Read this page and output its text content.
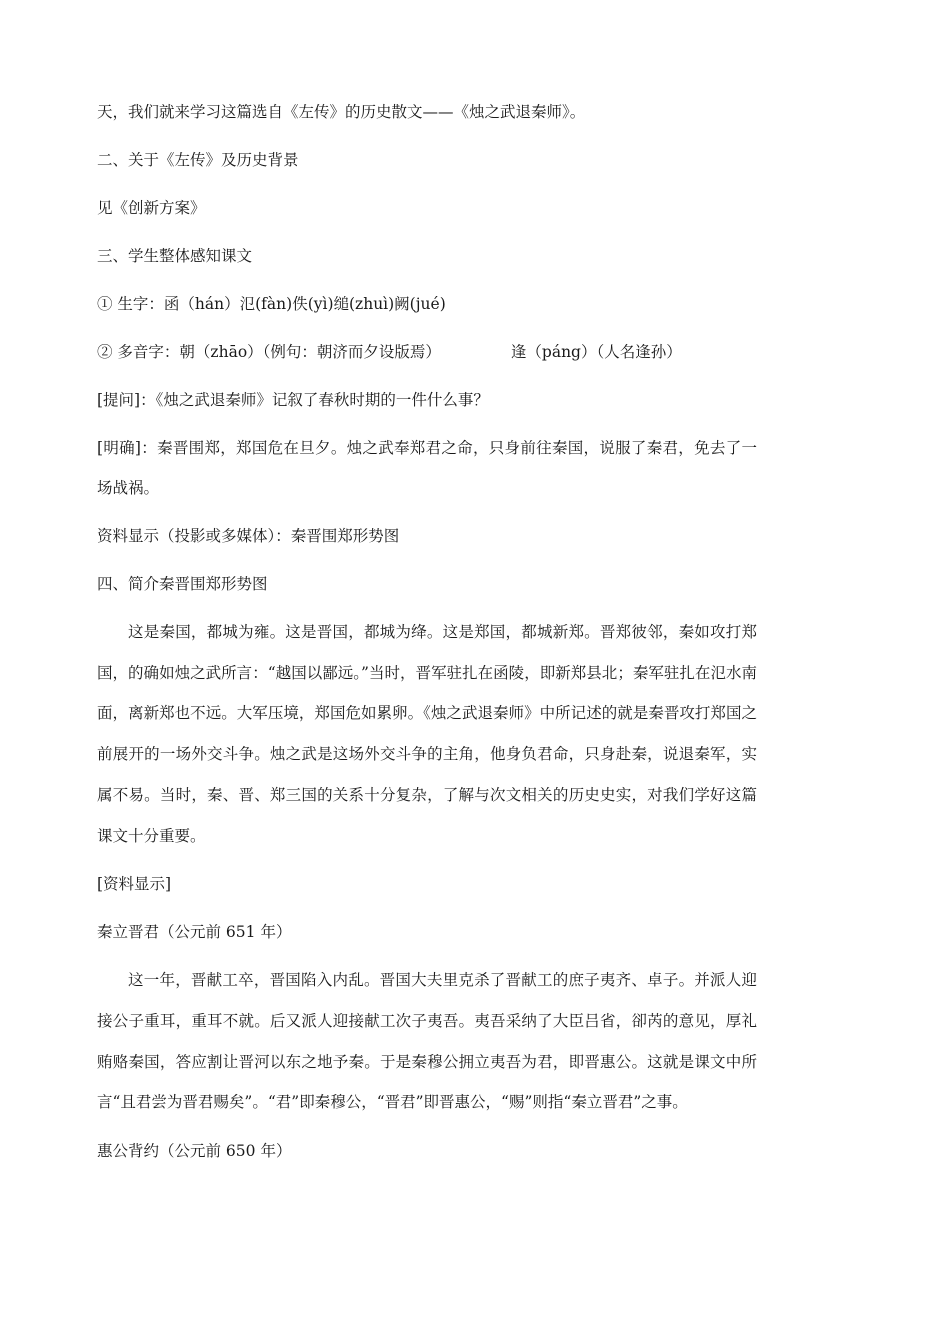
天，我们就来学习这篇选自《左传》的历史散文——《烛之武退秦师》。
二、关于《左传》及历史背景
见《创新方案》
三、学生整体感知课文
① 生字：函（hán）氾(fàn)佚(yì)缒(zhuì)阙(jué)
② 多音字：朝（zhāo）（例句：朝济而夕设版焉）	逢（páng）（人名逢孙）
[提问]：《烛之武退秦师》记叙了春秋时期的一件什么事？
[明确]：秦晋围郑，郑国危在旦夕。烛之武奉郑君之命，只身前往秦国，说服了秦君，免去了一场战祸。
资料显示（投影或多媒体）：秦晋围郑形势图
四、简介秦晋围郑形势图
这是秦国，都城为雍。这是晋国，都城为绛。这是郑国，都城新郑。晋郑彼邻，秦如攻打郑国，的确如烛之武所言：“越国以鄙远。”当时，晋军驻扎在函陵，即新郑县北；秦军驻扎在氾水南面，离新郑也不远。大军压境，郑国危如累卵。《烛之武退秦师》中所记述的就是秦晋攻打郑国之前展开的一场外交斗争。烛之武是这场外交斗争的主角，他身负君命，只身赴秦，说退秦军，实属不易。当时，秦、晋、郑三国的关系十分复杂，了解与次文相关的历史史实，对我们学好这篇课文十分重要。
[资料显示]
秦立晋君（公元前 651 年）
这一年，晋献工卒，晋国陷入内乱。晋国大夫里克杀了晋献工的庶子夷齐、卓子。并派人迎接公子重耳，重耳不就。后又派人迎接献工次子夷吾。夷吾采纳了大臣吕省，卻芮的意见，厚礼贿赂秦国，答应割让晋河以东之地予秦。于是秦穆公拥立夷吾为君，即晋惠公。这就是课文中所言“且君尝为晋君赐矣”。“君”即秦穆公，“晋君”即晋惠公，“赐”则指“秦立晋君”之事。
惠公背约（公元前 650 年）
